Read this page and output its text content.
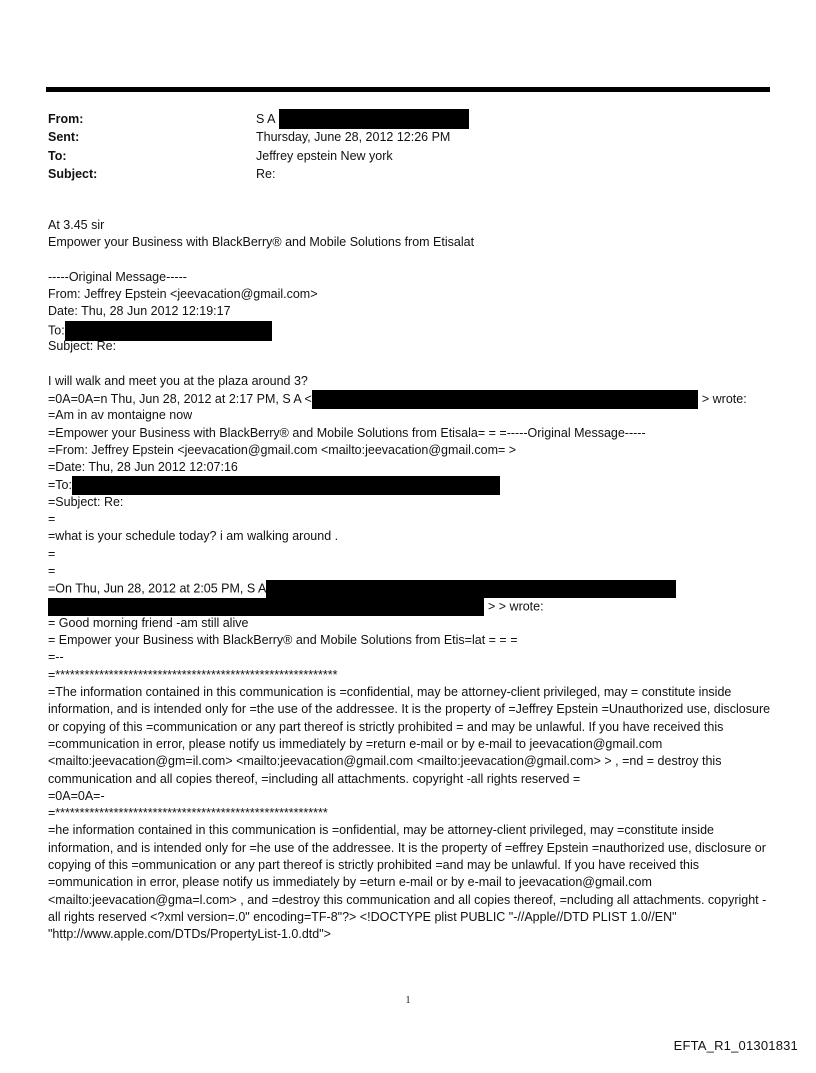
From:	S A
Sent:	Thursday, June 28, 2012 12:26 PM
To:	Jeffrey epstein New york
Subject:	Re:
At 3.45 sir
Empower your Business with BlackBerry® and Mobile Solutions from Etisalat
-----Original Message-----
From: Jeffrey Epstein <jeevacation@gmail.com>
Date: Thu, 28 Jun 2012 12:19:17
To:
Subject: Re:
I will walk and meet you at the plaza around 3?
=0A=0A=n Thu, Jun 28, 2012 at 2:17 PM, S A <	> wrote:
=Am in av montaigne now
=Empower your Business with BlackBerry® and Mobile Solutions from Etisala= = =-----Original Message-----
=From: Jeffrey Epstein <jeevacation@gmail.com <mailto:jeevacation@gmail.com= >
=Date: Thu, 28 Jun 2012 12:07:16
=To:
=Subject: Re:
=
=what is your schedule today? i am walking around .
=
=
=On Thu, Jun 28, 2012 at 2:05 PM, S A
> > wrote:
= Good morning friend -am still alive
= Empower your Business with BlackBerry® and Mobile Solutions from Etis=lat = = =
=--
=**********************************************************
=The information contained in this communication is =confidential, may be attorney-client privileged, may = constitute inside information, and is intended only for =the use of the addressee. It is the property of =Jeffrey Epstein =Unauthorized use, disclosure or copying of this =communication or any part thereof is strictly prohibited = and may be unlawful. If you have received this =communication in error, please notify us immediately by =return e-mail or by e-mail to jeevacation@gmail.com <mailto:jeevacation@gm=il.com> <mailto:jeevacation@gmail.com <mailto:jeevacation@gmail.com> > , =nd = destroy this communication and all copies thereof, =including all attachments. copyright -all rights reserved =
=0A=0A=-
=********************************************************
=he information contained in this communication is =onfidential, may be attorney-client privileged, may =constitute inside information, and is intended only for =he use of the addressee. It is the property of =effrey Epstein =nauthorized use, disclosure or copying of this =ommunication or any part thereof is strictly prohibited =and may be unlawful. If you have received this =ommunication in error, please notify us immediately by =eturn e-mail or by e-mail to jeevacation@gmail.com <mailto:jeevacation@gma=l.com> , and =destroy this communication and all copies thereof, =ncluding all attachments. copyright -all rights reserved <?xml version=.0" encoding=TF-8"?> <!DOCTYPE plist PUBLIC "-//Apple//DTD PLIST 1.0//EN" "http://www.apple.com/DTDs/PropertyList-1.0.dtd">
1
EFTA_R1_01301831
